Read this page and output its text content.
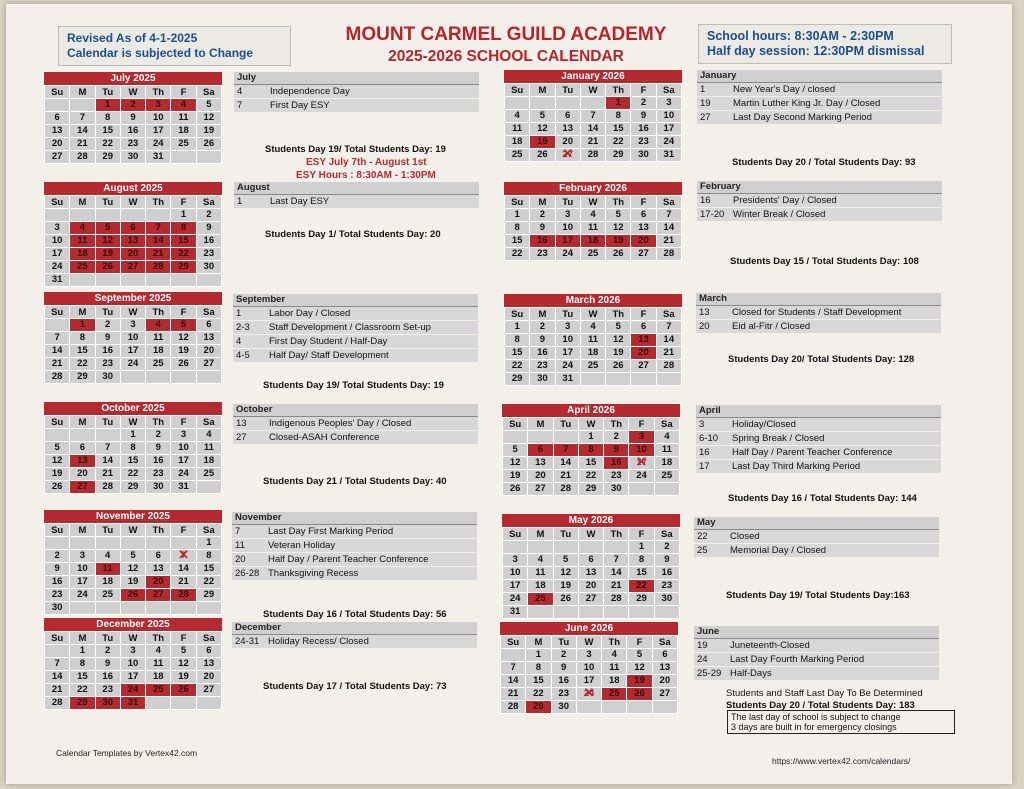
Revised As of 4-1-2025
Calendar is subjected to Change
MOUNT CARMEL GUILD ACADEMY
2025-2026 SCHOOL CALENDAR
School hours: 8:30AM - 2:30PM
Half day session: 12:30PM dismissal
July 2025
Su	M	Tu	W	Th	F	Sa
		1	2	3	4	5
6	7	8	9	10	11	12
13	14	15	16	17	18	19
20	21	22	23	24	25	26
27	28	29	30	31		
August 2025
Su	M	Tu	W	Th	F	Sa
					1	2
3	4	5	6	7	8	9
10	11	12	13	14	15	16
17	18	19	20	21	22	23
24	25	26	27	28	29	30
31						
September 2025
Su	M	Tu	W	Th	F	Sa
	1	2	3	4	5	6
7	8	9	10	11	12	13
14	15	16	17	18	19	20
21	22	23	24	25	26	27
28	29	30				
October 2025
Su	M	Tu	W	Th	F	Sa
			1	2	3	4
5	6	7	8	9	10	11
12	13	14	15	16	17	18
19	20	21	22	23	24	25
26	27	28	29	30	31	
November 2025
Su	M	Tu	W	Th	F	Sa
						1
2	3	4	5	6	7 ✕	8
9	10	11	12	13	14	15
16	17	18	19	20	21	22
23	24	25	26	27	28	29
30						
December 2025
Su	M	Tu	W	Th	F	Sa
	1	2	3	4	5	6
7	8	9	10	11	12	13
14	15	16	17	18	19	20
21	22	23	24	25	26	27
28	29	30	31			
January 2026
Su	M	Tu	W	Th	F	Sa
				1	2	3
4	5	6	7	8	9	10
11	12	13	14	15	16	17
18	19	20	21	22	23	24
25	26	27 ✕	28	29	30	31
February 2026
Su	M	Tu	W	Th	F	Sa
1	2	3	4	5	6	7
8	9	10	11	12	13	14
15	16	17	18	19	20	21
22	23	24	25	26	27	28
March 2026
Su	M	Tu	W	Th	F	Sa
1	2	3	4	5	6	7
8	9	10	11	12	13	14
15	16	17	18	19	20	21
22	23	24	25	26	27	28
29	30	31				
April 2026
Su	M	Tu	W	Th	F	Sa
			1	2	3	4
5	6	7	8	9	10	11
12	13	14	15	16	17 ✕	18
19	20	21	22	23	24	25
26	27	28	29	30		
May 2026
Su	M	Tu	W	Th	F	Sa
					1	2
3	4	5	6	7	8	9
10	11	12	13	14	15	16
17	18	19	20	21	22	23
24	25	26	27	28	29	30
31						
June 2026
Su	M	Tu	W	Th	F	Sa
	1	2	3	4	5	6
7	8	9	10	11	12	13
14	15	16	17	18	19	20
21	22	23	24 ✕	25	26	27
28	29	30				
July
4	Independence Day
7	First Day ESY
August
1	Last Day ESY
September
1	Labor Day / Closed
2-3	Staff Development / Classroom Set-up
4	First Day Student / Half-Day
4-5	Half Day/ Staff Development
October
13	Indigenous Peoples' Day / Closed
27	Closed-ASAH Conference
November
7	Last Day First Marking Period
11	Veteran Holiday
20	Half Day / Parent Teacher Conference
26-28 Thanksgiving Recess
December
24-31 Holiday Recess/ Closed
January
1	New Year's Day / closed
19	Martin Luther King Jr. Day / Closed
27	Last Day Second Marking Period
February
16	Presidents' Day / Closed
17-20 Winter Break / Closed
March
13	Closed for Students / Staff Development
20	Eid al-Fitr / Closed
April
3	Holiday/Closed
6-10	Spring Break / Closed
16	Half Day / Parent Teacher Conference
17	Last Day Third Marking Period
May
22	Closed
25	Memorial Day / Closed
June
19	Juneteenth-Closed
24	Last Day Fourth Marking Period
25-29 Half-Days
Students Day 19/ Total Students Day: 19
ESY July 7th - August 1st
ESY Hours : 8:30AM - 1:30PM
Students Day 1/ Total Students Day: 20
Students Day 19/ Total Students Day: 19
Students Day 21 / Total Students Day: 40
Students Day 16 / Total Students Day: 56
Students Day 17 / Total Students Day: 73
Students Day 20 / Total Students Day: 93
Students Day 15 / Total Students Day: 108
Students Day 20/ Total Students Day: 128
Students Day 16 / Total Students Day: 144
Students Day 19/ Total Students Day:163
Students and Staff Last Day To Be Determined
Students Day 20 / Total Students Day: 183
The last day of school is subject to change
3 days are built in for emergency closings
Calendar Templates by Vertex42.com
https://www.vertex42.com/calendars/
